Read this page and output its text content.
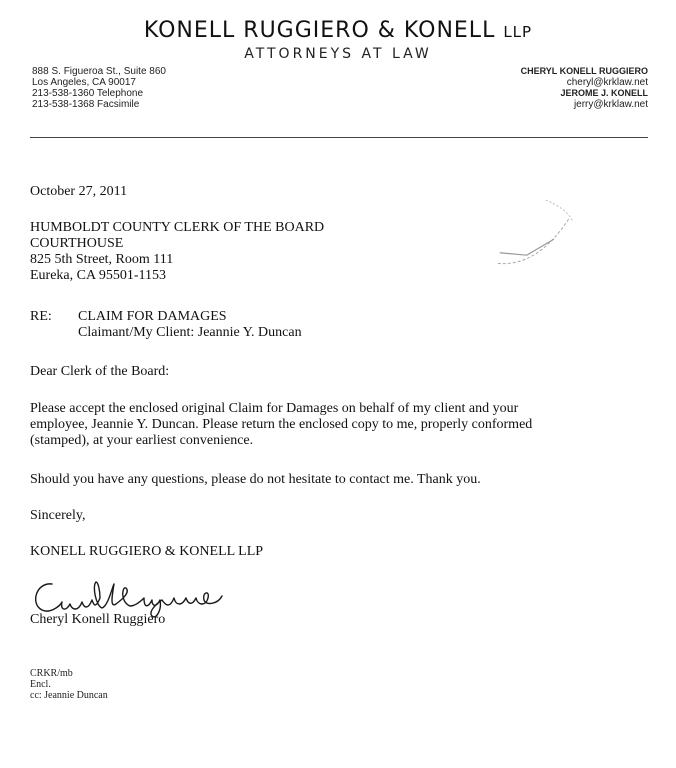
KONELL RUGGIERO & KONELL LLP
ATTORNEYS AT LAW
888 S. Figueroa St., Suite 860
Los Angeles, CA 90017
213-538-1360 Telephone
213-538-1368 Facsimile
CHERYL KONELL RUGGIERO
cheryl@krklaw.net
JEROME J. KONELL
jerry@krklaw.net
October 27, 2011
HUMBOLDT COUNTY CLERK OF THE BOARD
COURTHOUSE
825 5th Street, Room 111
Eureka, CA 95501-1153
RE: CLAIM FOR DAMAGES
Claimant/My Client: Jeannie Y. Duncan
Dear Clerk of the Board:
Please accept the enclosed original Claim for Damages on behalf of my client and your
employee, Jeannie Y. Duncan. Please return the enclosed copy to me, properly conformed
(stamped), at your earliest convenience.
Should you have any questions, please do not hesitate to contact me. Thank you.
Sincerely,
KONELL RUGGIERO & KONELL LLP
Cheryl Konell Ruggiero
CRKR/mb
Encl.
cc: Jeannie Duncan
